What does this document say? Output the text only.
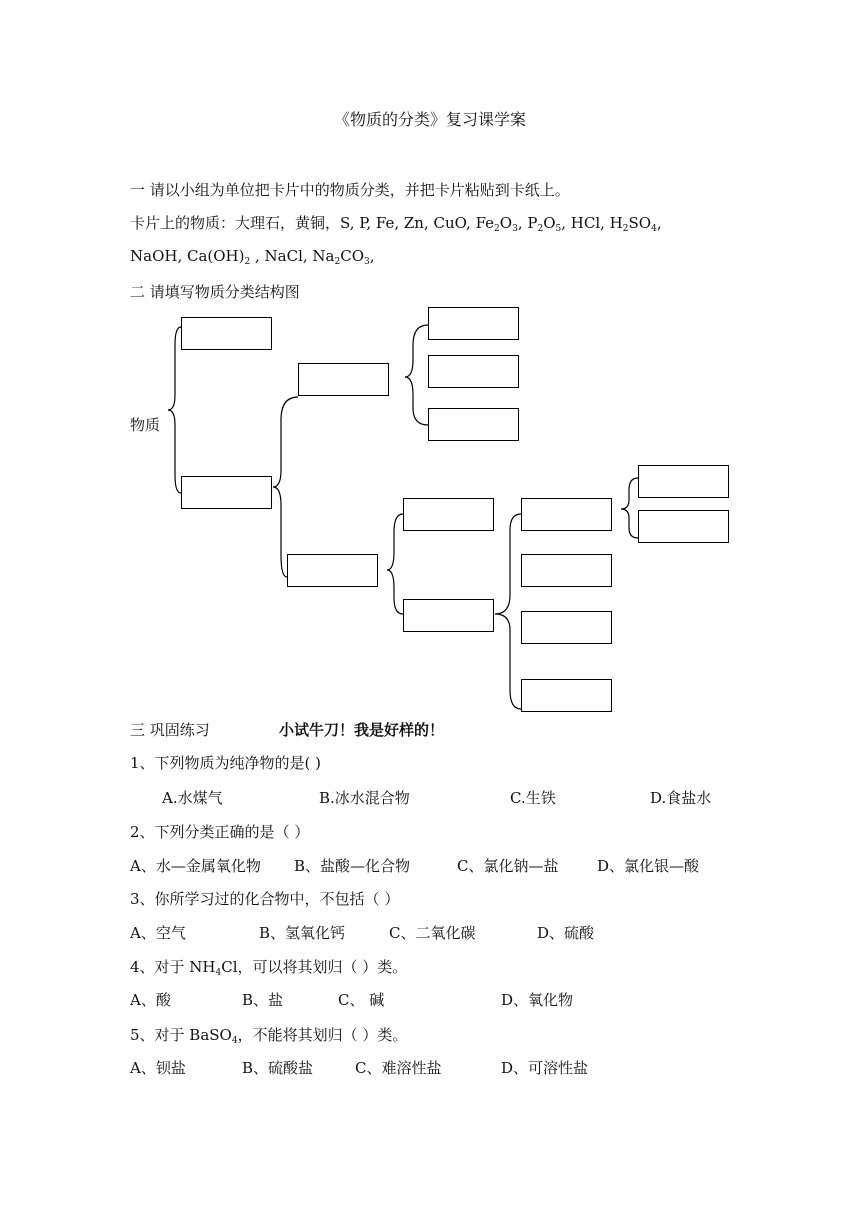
《物质的分类》复习课学案
一 请以小组为单位把卡片中的物质分类，并把卡片粘贴到卡纸上。
卡片上的物质：大理石，黄铜，S, P, Fe, Zn, CuO, $Fe_2O_3$, $P_2O_5$, HCl, $H_2SO_4$,
NaOH, $Ca(OH)_2$ , NaCl, $Na_2CO_3$,
二 请填写物质分类结构图
物质
三 巩固练习	小试牛刀！我是好样的！
1、下列物质为纯净物的是( )
A.水煤气	B.冰水混合物	C.生铁	D.食盐水
2、下列分类正确的是（ ）
A、水—金属氧化物 B、盐酸—化合物	C、氯化钠—盐	D、氯化银—酸
3、你所学习过的化合物中，不包括（ ）
A、空气	B、氢氧化钙	C、二氧化碳	D、硫酸
4、对于 $NH_4Cl$，可以将其划归（ ）类。
A、酸	B、盐	C、 碱	D、氧化物
5、对于 BaSO$_4$，不能将其划归（ ）类。
A、钡盐	B、硫酸盐	C、难溶性盐	D、可溶性盐
